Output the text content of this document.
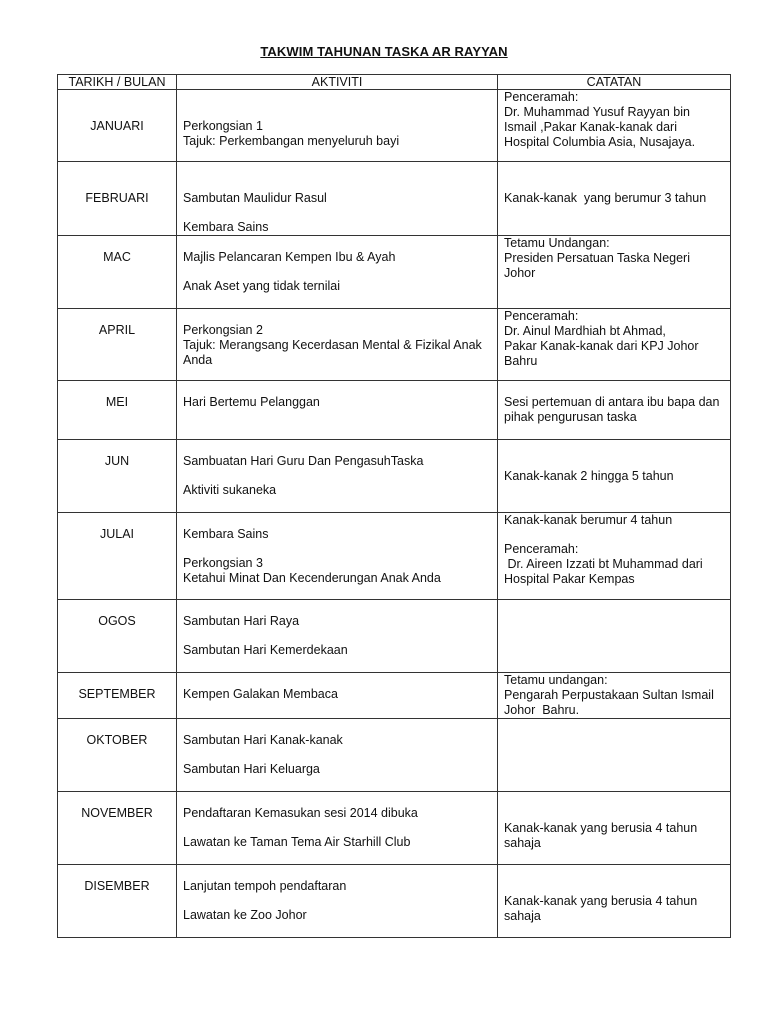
TAKWIM TAHUNAN TASKA AR RAYYAN
TARIKH / BULAN	AKTIVITI	CATATAN
JANUARI	Perkongsian 1
Tajuk: Perkembangan menyeluruh bayi	Penceramah:
Dr. Muhammad Yusuf Rayyan bin
Ismail ,Pakar Kanak-kanak dari
Hospital Columbia Asia, Nusajaya.

FEBRUARI	Sambutan Maulidur Rasul
Kembara Sains	Kanak-kanak  yang berumur 3 tahun

MAC	Majlis Pelancaran Kempen Ibu & Ayah
Anak Aset yang tidak ternilai	Tetamu Undangan:
Presiden Persatuan Taska Negeri
Johor

APRIL	Perkongsian 2
Tajuk: Merangsang Kecerdasan Mental & Fizikal Anak
Anda	Penceramah:
Dr. Ainul Mardhiah bt Ahmad,
Pakar Kanak-kanak dari KPJ Johor
Bahru

MEI	Hari Bertemu Pelanggan	Sesi pertemuan di antara ibu bapa dan
pihak pengurusan taska

JUN	Sambuatan Hari Guru Dan PengasuhTaska
Aktiviti sukaneka	Kanak-kanak 2 hingga 5 tahun

JULAI	Kembara Sains
Perkongsian 3
Ketahui Minat Dan Kecenderungan Anak Anda	Kanak-kanak berumur 4 tahun
Penceramah:
Dr. Aireen Izzati bt Muhammad dari
Hospital Pakar Kempas

OGOS	Sambutan Hari Raya
Sambutan Hari Kemerdekaan	

SEPTEMBER	Kempen Galakan Membaca	Tetamu undangan:
Pengarah Perpustakaan Sultan Ismail
Johor  Bahru.

OKTOBER	Sambutan Hari Kanak-kanak
Sambutan Hari Keluarga	

NOVEMBER	Pendaftaran Kemasukan sesi 2014 dibuka
Lawatan ke Taman Tema Air Starhill Club	Kanak-kanak yang berusia 4 tahun
sahaja

DISEMBER	Lanjutan tempoh pendaftaran
Lawatan ke Zoo Johor	Kanak-kanak yang berusia 4 tahun
sahaja
